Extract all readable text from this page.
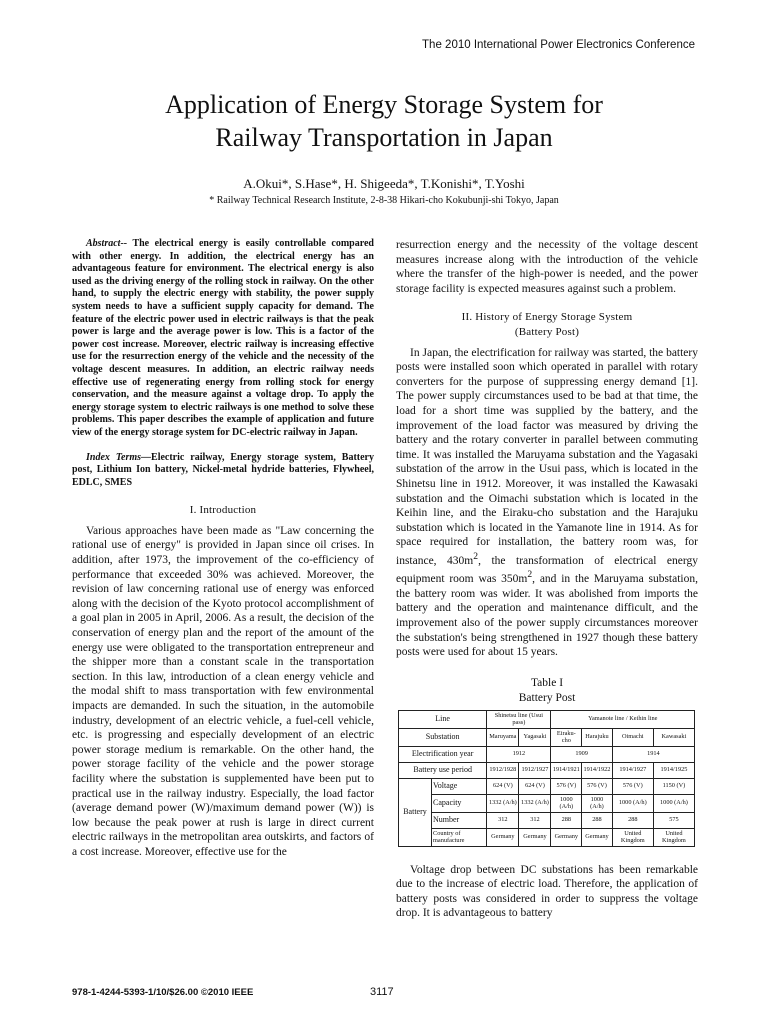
The 2010 International Power Electronics Conference
Application of Energy Storage System for
Railway Transportation in Japan
A.Okui*, S.Hase*, H. Shigeeda*, T.Konishi*, T.Yoshi
* Railway Technical Research Institute, 2-8-38 Hikari-cho Kokubunji-shi Tokyo, Japan

Abstract-- The electrical energy is easily controllable compared with other energy. In addition, the electrical energy has an advantageous feature for environment. The electrical energy is also used as the driving energy of the rolling stock in railway. On the other hand, to supply the electric energy with stability, the power supply system needs to have a sufficient supply capacity for demand. The feature of the electric power used in electric railways is that the peak power is large and the average power is low. This is a factor of the power cost increase. Moreover, electric railway is increasing effective use for the resurrection energy of the vehicle and the necessity of the voltage descent measures. In addition, an electric railway needs effective use of regenerating energy from rolling stock for energy conservation, and the measure against a voltage drop. To apply the energy storage system to electric railways is one method to solve these problems. This paper describes the example of application and future view of the energy storage system for DC-electric railway in Japan.

Index Terms—Electric railway, Energy storage system, Battery post, Lithium Ion battery, Nickel-metal hydride batteries, Flywheel, EDLC, SMES

I. Introduction

Various approaches have been made as "Law concerning the rational use of energy" is provided in Japan since oil crises. In addition, after 1973, the improvement of the co-efficiency of performance that exceeded 30% was achieved. Moreover, the revision of law concerning rational use of energy was enforced along with the decision of the Kyoto protocol accomplishment of a goal plan in 2005 in April, 2006. As a result, the decision of the conservation of energy plan and the report of the amount of the energy use were obligated to the transportation entrepreneur and the shipper more than a constant scale in the transportation section. In this law, introduction of a clean energy vehicle and the modal shift to mass transportation with few environmental impacts are demanded. In such the situation, in the automobile industry, development of an electric vehicle, a fuel-cell vehicle, etc. is progressing and especially development of an electric power storage medium is remarkable. On the other hand, the power storage facility of the vehicle and the power storage facility where the substation is supplemented have been put to practical use in the railway industry. Especially, the load factor (average demand power (W)/maximum demand power (W)) is low because the peak power at rush is large in direct current electric railways in the metropolitan area outskirts, and factors of a cost increase. Moreover, effective use for the

resurrection energy and the necessity of the voltage descent measures increase along with the introduction of the vehicle where the transfer of the high-power is needed, and the power storage facility is expected measures against such a problem.

II. History of Energy Storage System
(Battery Post)

In Japan, the electrification for railway was started, the battery posts were installed soon which operated in parallel with rotary converters for the purpose of suppressing energy demand [1]. The power supply circumstances used to be bad at that time, the load for a short time was supplied by the battery, and the improvement of the load factor was measured by driving the battery and the rotary converter in parallel between commuting time. It was installed the Maruyama substation and the Yagasaki substation of the arrow in the Usui pass, which is located in the Shinetsu line in 1912. Moreover, it was installed the Kawasaki substation and the Oimachi substation which is located in the Keihin line, and the Eiraku-cho substation and the Harajuku substation which is located in the Yamanote line in 1914. As for space required for installation, the battery room was, for instance, $430m^2$, the transformation of electrical energy equipment room was $350m^2$, and in the Maruyama substation, the battery room was wider. It was abolished from imports the battery and the operation and maintenance difficult, and the improvement also of the power supply circumstances moreover the substation's being strengthened in 1927 though these battery posts were used for about 15 years.

Table I
Battery Post

Line		Shinetsu line (Usui pass)		Yamanote line / Keihin line			
Substation		Maruyama	Yagasaki	Eiraku-cho	Harajuku	Oimachi	Kawasaki
Electrification year		1912		1909		1914	
Battery use period		1912/1928	1912/1927	1914/1921	1914/1922	1914/1927	1914/1925
Battery	Voltage	624 (V)	624 (V)	576 (V)	576 (V)	576 (V)	1150 (V)
	Capacity	1332 (A/h)	1332 (A/h)	1000 (A/h)	1000 (A/h)	1000 (A/h)	1000 (A/h)
	Number	312	312	288	288	288	575
	Country of manufacture	Germany	Germany	Germany	Germany	United Kingdom	United Kingdom

Voltage drop between DC substations has been remarkable due to the increase of electric load. Therefore, the application of battery posts was considered in order to suppress the voltage drop. It is advantageous to battery

978-1-4244-5393-1/10/$26.00 ©2010 IEEE	3117
